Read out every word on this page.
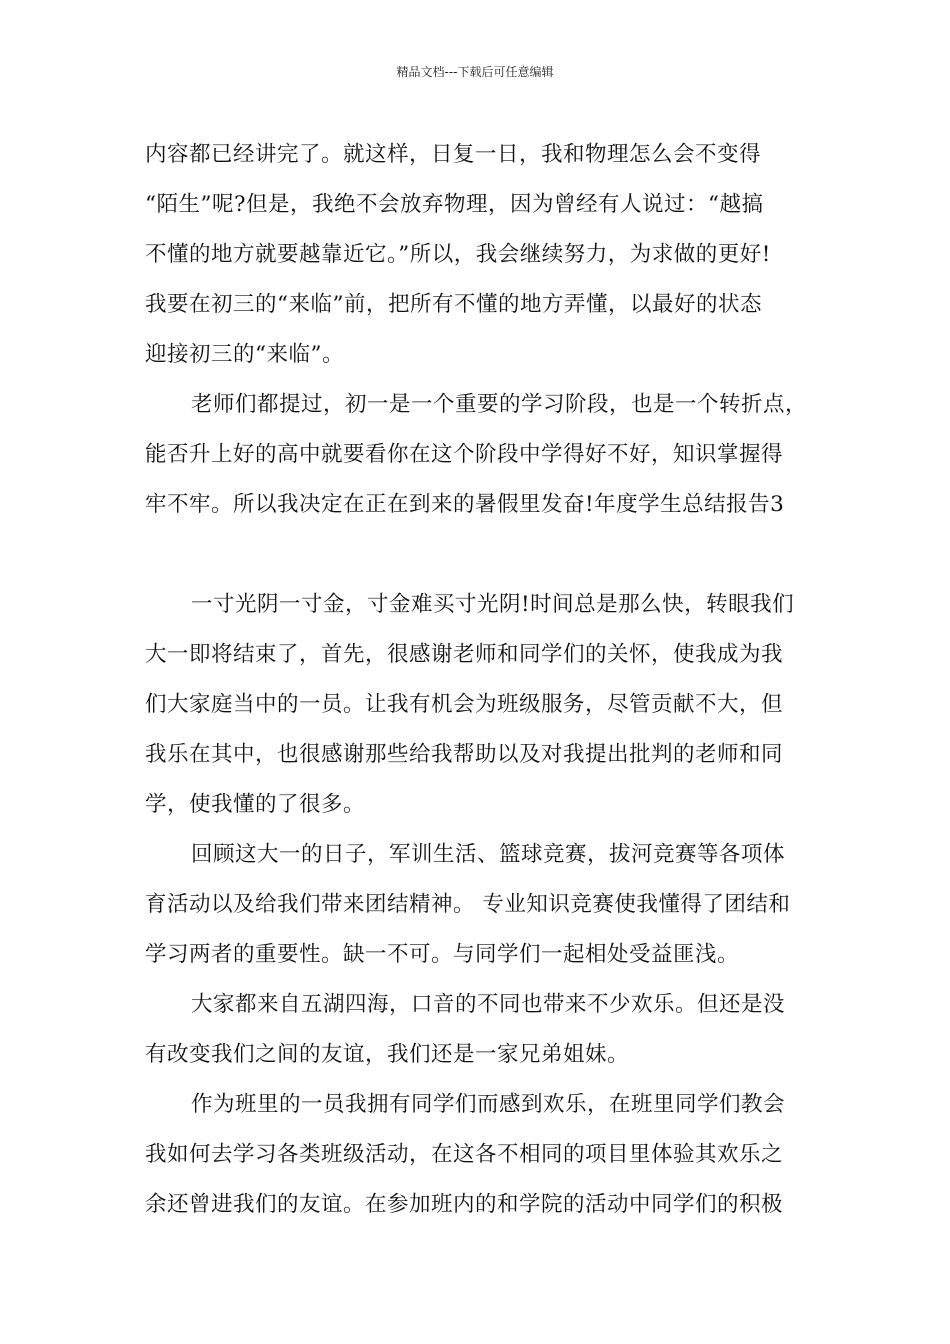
精品文档---下载后可任意编辑
内容都已经讲完了。就这样，日复一日，我和物理怎么会不变得
“陌生”呢?但是，我绝不会放弃物理，因为曾经有人说过：“越搞
不懂的地方就要越靠近它。”所以，我会继续努力，为求做的更好!
我要在初三的“来临”前，把所有不懂的地方弄懂，以最好的状态
迎接初三的“来临”。
老师们都提过，初一是一个重要的学习阶段，也是一个转折点，
能否升上好的高中就要看你在这个阶段中学得好不好，知识掌握得
牢不牢。所以我决定在正在到来的暑假里发奋!年度学生总结报告3
一寸光阴一寸金，寸金难买寸光阴!时间总是那么快，转眼我们
大一即将结束了，首先，很感谢老师和同学们的关怀，使我成为我
们大家庭当中的一员。让我有机会为班级服务，尽管贡献不大，但
我乐在其中，也很感谢那些给我帮助以及对我提出批判的老师和同
学，使我懂的了很多。
回顾这大一的日子，军训生活、篮球竞赛，拔河竞赛等各项体
育活动以及给我们带来团结精神。 专业知识竞赛使我懂得了团结和
学习两者的重要性。缺一不可。与同学们一起相处受益匪浅。
大家都来自五湖四海，口音的不同也带来不少欢乐。但还是没
有改变我们之间的友谊，我们还是一家兄弟姐妹。
作为班里的一员我拥有同学们而感到欢乐，在班里同学们教会
我如何去学习各类班级活动，在这各不相同的项目里体验其欢乐之
余还曾进我们的友谊。在参加班内的和学院的活动中同学们的积极
